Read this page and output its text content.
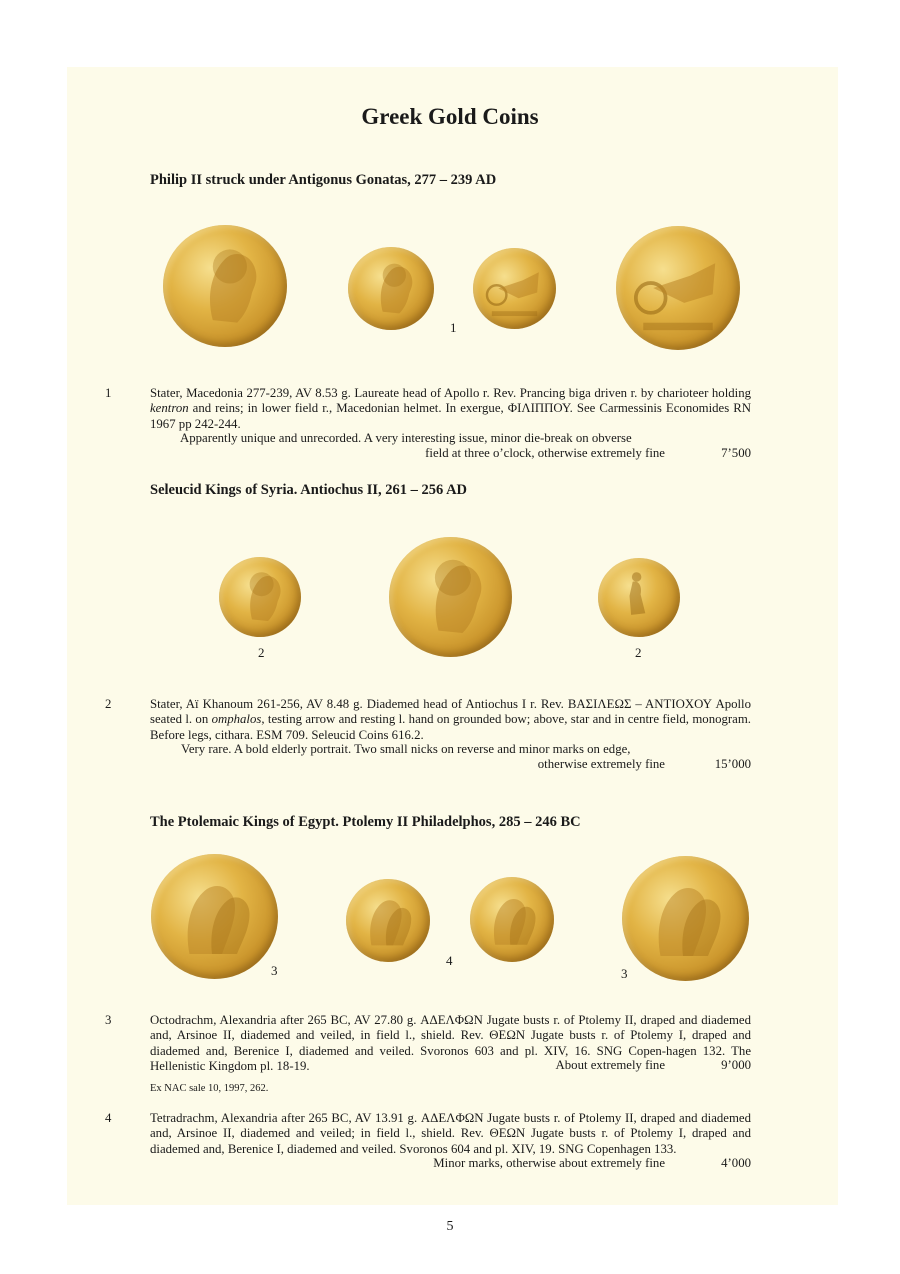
Greek Gold Coins
Philip II struck under Antigonus Gonatas, 277 – 239 AD
1
1	Stater, Macedonia 277-239, AV 8.53 g. Laureate head of Apollo r. Rev. Prancing biga driven r. by charioteer holding kentron and reins; in lower field r., Macedonian helmet. In exergue, ΦΙΛΙΠΠΟΥ. See Carmessinis Economides RN 1967 pp 242-244.
Apparently unique and unrecorded. A very interesting issue, minor die-break on obverse
field at three o’clock, otherwise extremely fine	7’500
Seleucid Kings of Syria. Antiochus II, 261 – 256 AD
2	2
2	Stater, Aï Khanoum 261-256, AV 8.48 g. Diademed head of Antiochus I r. Rev. ΒΑΣΙΛΕΩΣ – ΑΝΤΙΟΧΟΥ Apollo seated l. on omphalos, testing arrow and resting l. hand on grounded bow; above, star and in centre field, monogram. Before legs, cithara. ESM 709. Seleucid Coins 616.2.
Very rare. A bold elderly portrait. Two small nicks on reverse and minor marks on edge,
otherwise extremely fine	15’000
The Ptolemaic Kings of Egypt. Ptolemy II Philadelphos, 285 – 246 BC
3
4
3
3	Octodrachm, Alexandria after 265 BC, AV 27.80 g. ΑΔΕΛΦΩΝ Jugate busts r. of Ptolemy II, draped and diademed and, Arsinoe II, diademed and veiled, in field l., shield. Rev. ΘΕΩΝ Jugate busts r. of Ptolemy I, draped and diademed and, Berenice I, diademed and veiled. Svoronos 603 and pl. XIV, 16. SNG Copen-hagen 132. The Hellenistic Kingdom pl. 18-19.	About extremely fine	9’000
Ex NAC sale 10, 1997, 262.
4	Tetradrachm, Alexandria after 265 BC, AV 13.91 g. ΑΔΕΛΦΩΝ Jugate busts r. of Ptolemy II, draped and diademed and, Arsinoe II, diademed and veiled; in field l., shield. Rev. ΘΕΩΝ Jugate busts r. of Ptolemy I, draped and diademed and, Berenice I, diademed and veiled. Svoronos 604 and pl. XIV, 19. SNG Copenhagen 133.
Minor marks, otherwise about extremely fine	4’000
5
